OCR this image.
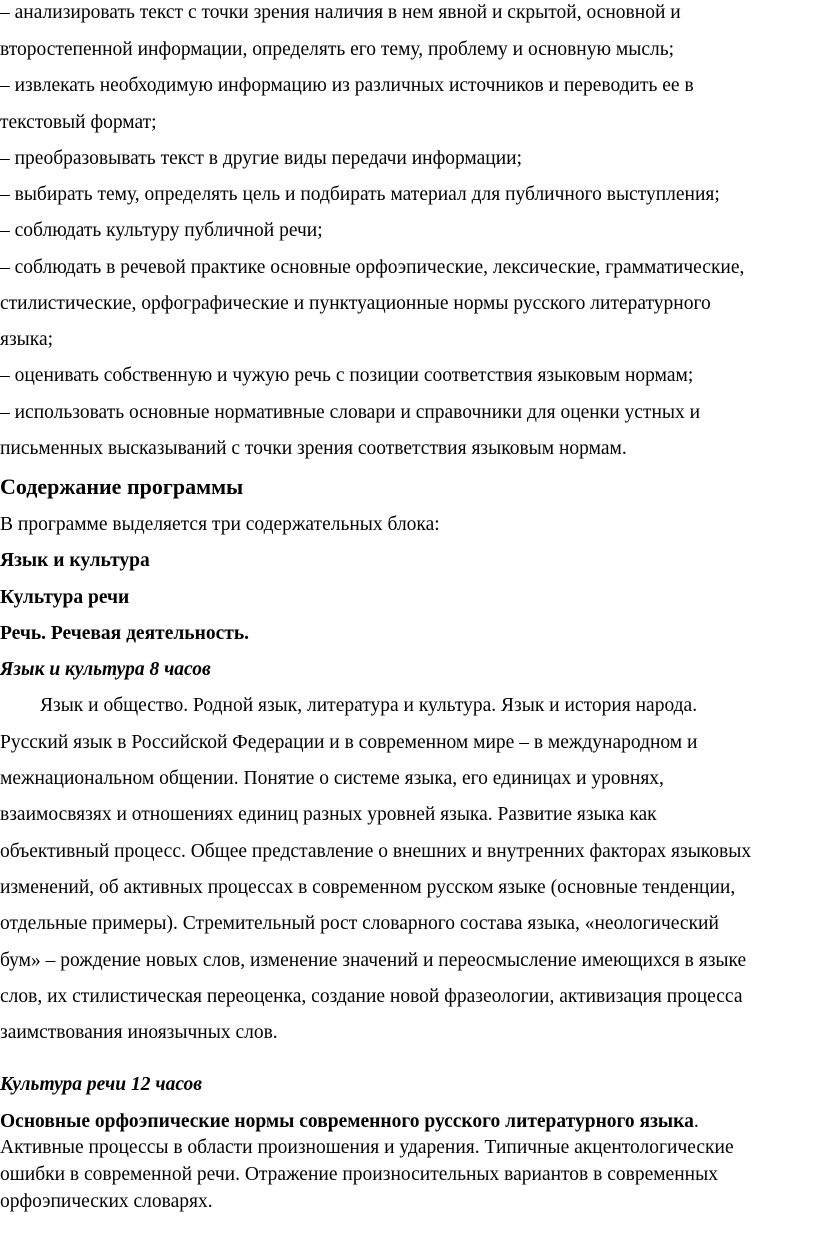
– анализировать текст с точки зрения наличия в нем явной и скрытой, основной и
второстепенной информации, определять его тему, проблему и основную мысль;
– извлекать необходимую информацию из различных источников и переводить ее в
текстовый формат;
– преобразовывать текст в другие виды передачи информации;
– выбирать тему, определять цель и подбирать материал для публичного выступления;
– соблюдать культуру публичной речи;
– соблюдать в речевой практике основные орфоэпические, лексические, грамматические,
стилистические, орфографические и пунктуационные нормы русского литературного
языка;
– оценивать собственную и чужую речь с позиции соответствия языковым нормам;
– использовать основные нормативные словари и справочники для оценки устных и
письменных высказываний с точки зрения соответствия языковым нормам.
Содержание программы
В программе выделяется три содержательных блока:
Язык и культура
Культура речи
Речь. Речевая деятельность.
Язык и культура 8 часов
Язык и общество. Родной язык, литература и культура. Язык и история народа.
Русский язык в Российской Федерации и в современном мире – в международном и
межнациональном общении. Понятие о системе языка, его единицах и уровнях,
взаимосвязях и отношениях единиц разных уровней языка. Развитие языка как
объективный процесс. Общее представление о внешних и внутренних факторах языковых
изменений, об активных процессах в современном русском языке (основные тенденции,
отдельные примеры). Стремительный рост словарного состава языка, «неологический
бум» – рождение новых слов, изменение значений и переосмысление имеющихся в языке
слов, их стилистическая переоценка, создание новой фразеологии, активизация процесса
заимствования иноязычных слов.
Культура речи 12 часов
Основные орфоэпические нормы современного русского литературного языка.
Активные процессы в области произношения и ударения. Типичные акцентологические
ошибки в современной речи. Отражение произносительных вариантов в современных
орфоэпических словарях.
